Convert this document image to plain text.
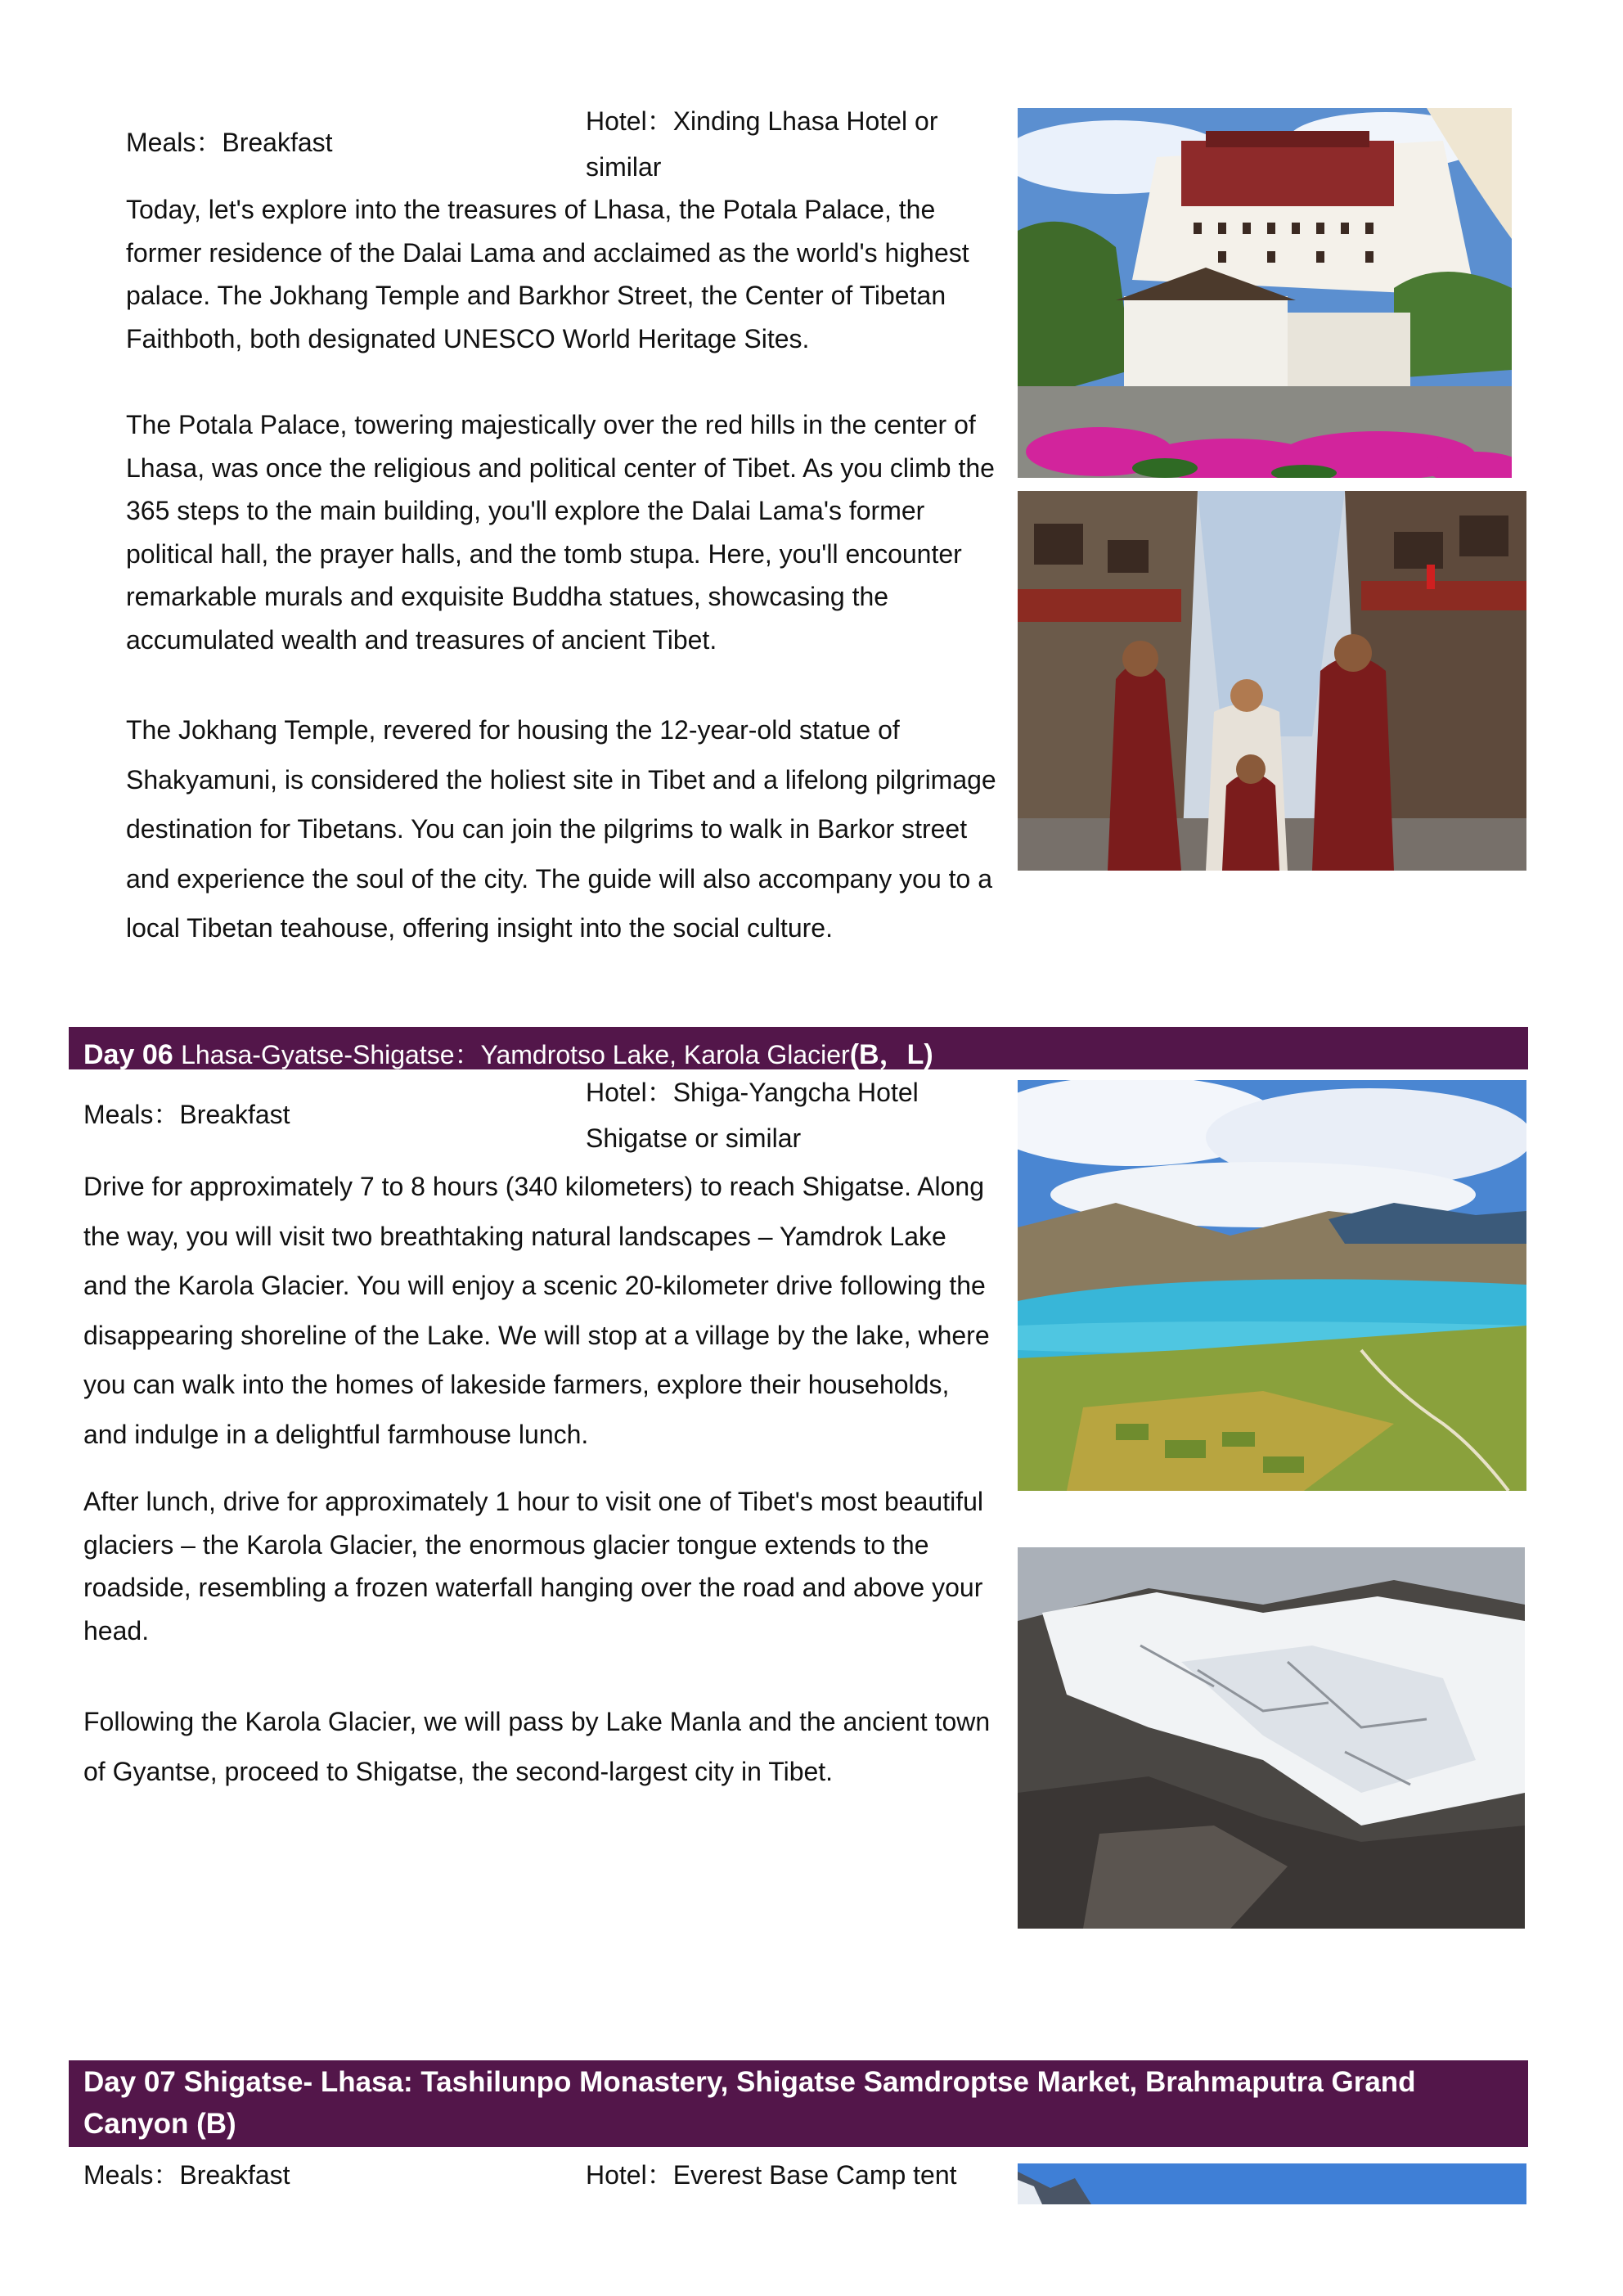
Meals：Breakfast
Hotel：Xinding Lhasa Hotel or
similar
Today, let's explore into the treasures of Lhasa, the Potala Palace, the former residence of the Dalai Lama and acclaimed as the world's highest palace. The Jokhang Temple and Barkhor Street, the Center of Tibetan Faithboth, both designated UNESCO World Heritage Sites.
The Potala Palace, towering majestically over the red hills in the center of Lhasa, was once the religious and political center of Tibet. As you climb the 365 steps to the main building, you'll explore the Dalai Lama's former political hall, the prayer halls, and the tomb stupa. Here, you'll encounter remarkable murals and exquisite Buddha statues, showcasing the accumulated wealth and treasures of ancient Tibet.
The Jokhang Temple, revered for housing the 12-year-old statue of Shakyamuni, is considered the holiest site in Tibet and a lifelong pilgrimage destination for Tibetans. You can join the pilgrims to walk in Barkor street and experience the soul of the city. The guide will also accompany you to a local Tibetan teahouse, offering insight into the social culture.
Day 06 Lhasa-Gyatse-Shigatse：Yamdrotso Lake, Karola Glacier(B，L)
Meals：Breakfast
Hotel：Shiga-Yangcha Hotel
Shigatse or similar
Drive for approximately 7 to 8 hours (340 kilometers) to reach Shigatse. Along the way, you will visit two breathtaking natural landscapes – Yamdrok Lake and the Karola Glacier. You will enjoy a scenic 20-kilometer drive following the disappearing shoreline of the Lake. We will stop at a village by the lake, where you can walk into the homes of lakeside farmers, explore their households, and indulge in a delightful farmhouse lunch.
After lunch, drive for approximately 1 hour to visit one of Tibet's most beautiful glaciers – the Karola Glacier, the enormous glacier tongue extends to the roadside, resembling a frozen waterfall hanging over the road and above your head.
Following the Karola Glacier, we will pass by Lake Manla and the ancient town of Gyantse, proceed to Shigatse, the second-largest city in Tibet.
Day 07 Shigatse- Lhasa: Tashilunpo Monastery, Shigatse Samdroptse Market, Brahmaputra Grand
Canyon (B)
Meals：Breakfast	Hotel：Everest Base Camp tent
